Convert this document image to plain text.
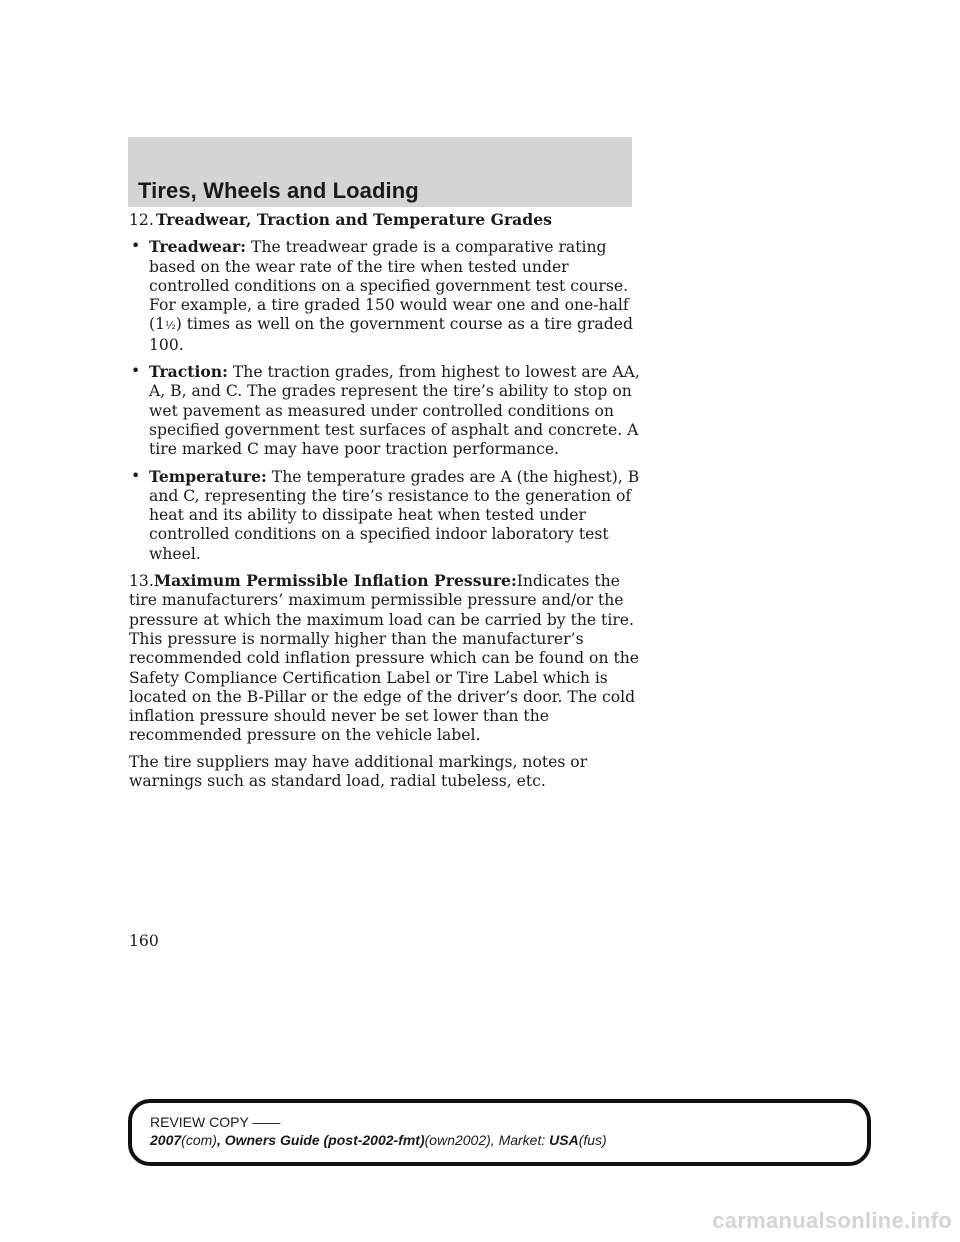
Tires, Wheels and Loading

12. Treadwear, Traction and Temperature Grades

• Treadwear: The treadwear grade is a comparative rating based on the wear rate of the tire when tested under controlled conditions on a specified government test course. For example, a tire graded 150 would wear one and one-half (1½) times as well on the government course as a tire graded 100.
• Traction: The traction grades, from highest to lowest are AA, A, B, and C. The grades represent the tire’s ability to stop on wet pavement as measured under controlled conditions on specified government test surfaces of asphalt and concrete. A tire marked C may have poor traction performance.
• Temperature: The temperature grades are A (the highest), B and C, representing the tire’s resistance to the generation of heat and its ability to dissipate heat when tested under controlled conditions on a specified indoor laboratory test wheel.

13.Maximum Permissible Inflation Pressure:Indicates the tire manufacturers’ maximum permissible pressure and/or the pressure at which the maximum load can be carried by the tire. This pressure is normally higher than the manufacturer’s recommended cold inflation pressure which can be found on the Safety Compliance Certification Label or Tire Label which is located on the B-Pillar or the edge of the driver’s door. The cold inflation pressure should never be set lower than the recommended pressure on the vehicle label.

The tire suppliers may have additional markings, notes or warnings such as standard load, radial tubeless, etc.

160
REVIEW COPY ——
2007(com), Owners Guide (post-2002-fmt)(own2002), Market: USA(fus)
carmanualsonline.info
